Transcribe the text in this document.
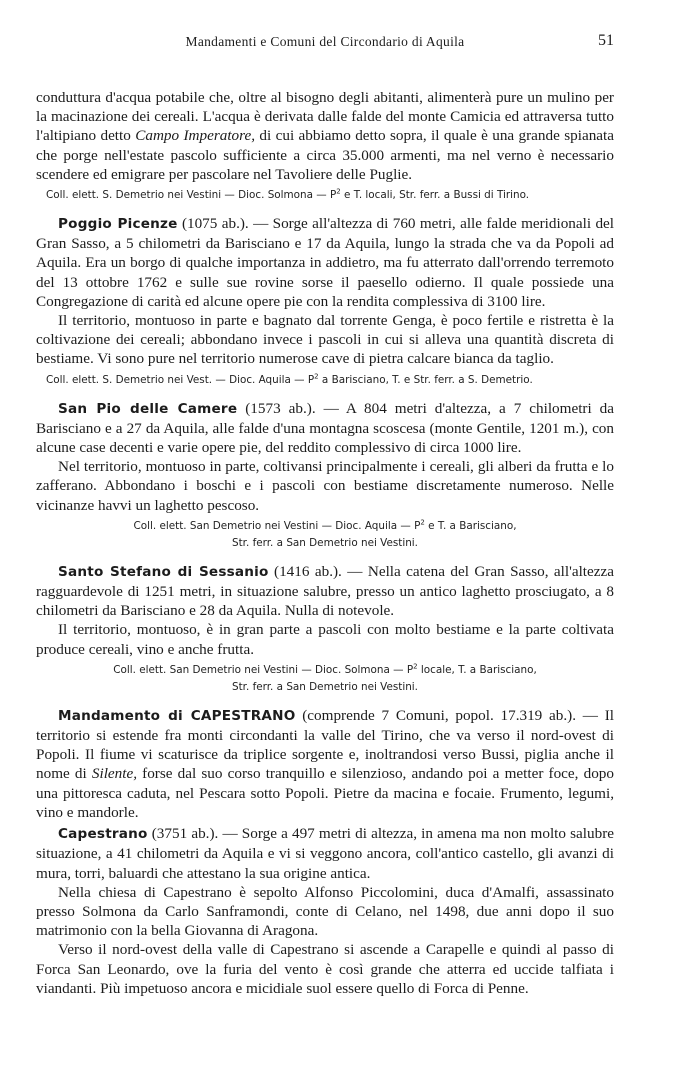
Mandamenti e Comuni del Circondario di Aquila	51

conduttura d'acqua potabile che, oltre al bisogno degli abitanti, alimenterà pure un mulino per la macinazione dei cereali. L'acqua è derivata dalle falde del monte Camicia ed attraversa tutto l'altipiano detto Campo Imperatore, di cui abbiamo detto sopra, il quale è una grande spianata che porge nell'estate pascolo sufficiente a circa 35.000 armenti, ma nel verno è necessario scendere ed emigrare per pascolare nel Tavoliere delle Puglie.

Coll. elett. S. Demetrio nei Vestini — Dioc. Solmona — $P^2$ e T. locali, Str. ferr. a Bussi di Tirino.

Poggio Picenze (1075 ab.). — Sorge all'altezza di 760 metri, alle falde meridionali del Gran Sasso, a 5 chilometri da Barisciano e 17 da Aquila, lungo la strada che va da Popoli ad Aquila. Era un borgo di qualche importanza in addietro, ma fu atterrato dall'orrendo terremoto del 13 ottobre 1762 e sulle sue rovine sorse il paesello odierno. Il quale possiede una Congregazione di carità ed alcune opere pie con la rendita complessiva di 3100 lire.

Il territorio, montuoso in parte e bagnato dal torrente Genga, è poco fertile e ristretta è la coltivazione dei cereali; abbondano invece i pascoli in cui si alleva una quantità discreta di bestiame. Vi sono pure nel territorio numerose cave di pietra calcare bianca da taglio.

Coll. elett. S. Demetrio nei Vest. — Dioc. Aquila — $P^2$ a Barisciano, T. e Str. ferr. a S. Demetrio.

San Pio delle Camere (1573 ab.). — A 804 metri d'altezza, a 7 chilometri da Barisciano e a 27 da Aquila, alle falde d'una montagna scoscesa (monte Gentile, 1201 m.), con alcune case decenti e varie opere pie, del reddito complessivo di circa 1000 lire.

Nel territorio, montuoso in parte, coltivansi principalmente i cereali, gli alberi da frutta e lo zafferano. Abbondano i boschi e i pascoli con bestiame discretamente numeroso. Nelle vicinanze havvi un laghetto pescoso.

Coll. elett. San Demetrio nei Vestini — Dioc. Aquila — $P^2$ e T. a Barisciano,
Str. ferr. a San Demetrio nei Vestini.

Santo Stefano di Sessanio (1416 ab.). — Nella catena del Gran Sasso, all'altezza ragguardevole di 1251 metri, in situazione salubre, presso un antico laghetto prosciugato, a 8 chilometri da Barisciano e 28 da Aquila. Nulla di notevole.

Il territorio, montuoso, è in gran parte a pascoli con molto bestiame e la parte coltivata produce cereali, vino e anche frutta.

Coll. elett. San Demetrio nei Vestini — Dioc. Solmona — $P^2$ locale, T. a Barisciano,
Str. ferr. a San Demetrio nei Vestini.

Mandamento di CAPESTRANO (comprende 7 Comuni, popol. 17.319 ab.). — Il territorio si estende fra monti circondanti la valle del Tirino, che va verso il nord-ovest di Popoli. Il fiume vi scaturisce da triplice sorgente e, inoltrandosi verso Bussi, piglia anche il nome di Silente, forse dal suo corso tranquillo e silenzioso, andando poi a metter foce, dopo una pittoresca caduta, nel Pescara sotto Popoli. Pietre da macina e focaie. Frumento, legumi, vino e mandorle.

Capestrano (3751 ab.). — Sorge a 497 metri di altezza, in amena ma non molto salubre situazione, a 41 chilometri da Aquila e vi si veggono ancora, coll'antico castello, gli avanzi di mura, torri, baluardi che attestano la sua origine antica.

Nella chiesa di Capestrano è sepolto Alfonso Piccolomini, duca d'Amalfi, assassinato presso Solmona da Carlo Sanframondi, conte di Celano, nel 1498, due anni dopo il suo matrimonio con la bella Giovanna di Aragona.

Verso il nord-ovest della valle di Capestrano si ascende a Carapelle e quindi al passo di Forca San Leonardo, ove la furia del vento è così grande che atterra ed uccide talfiata i viandanti. Più impetuoso ancora e micidiale suol essere quello di Forca di Penne.
